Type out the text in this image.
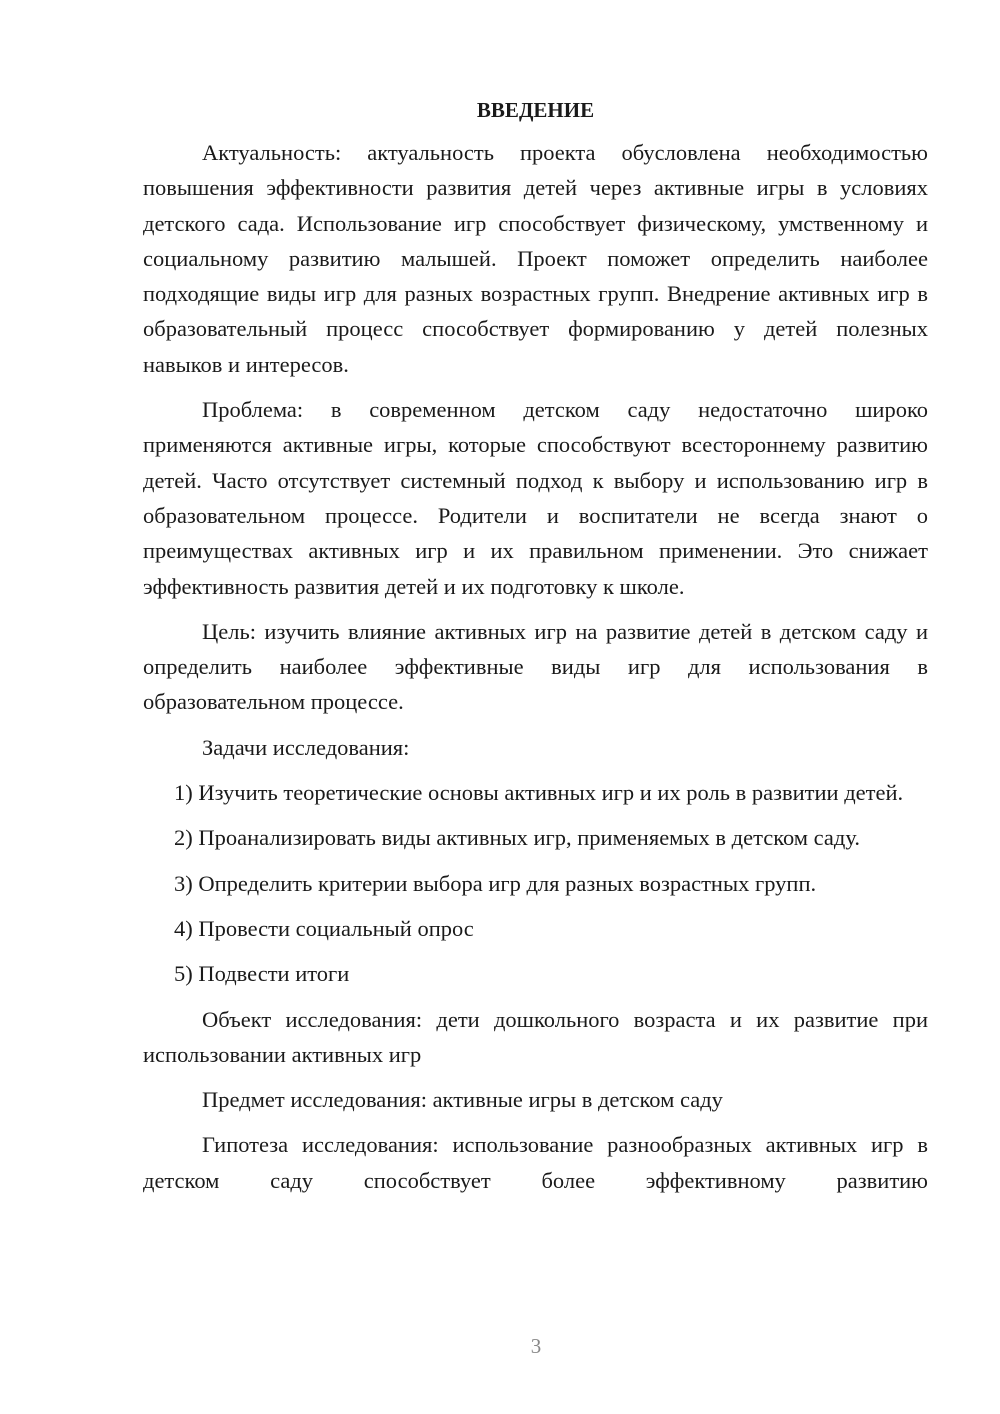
ВВЕДЕНИЕ

Актуальность: актуальность проекта обусловлена необходимостью повышения эффективности развития детей через активные игры в условиях детского сада. Использование игр способствует физическому, умственному и социальному развитию малышей. Проект поможет определить наиболее подходящие виды игр для разных возрастных групп. Внедрение активных игр в образовательный процесс способствует формированию у детей полезных навыков и интересов.

Проблема: в современном детском саду недостаточно широко применяются активные игры, которые способствуют всестороннему развитию детей. Часто отсутствует системный подход к выбору и использованию игр в образовательном процессе. Родители и воспитатели не всегда знают о преимуществах активных игр и их правильном применении. Это снижает эффективность развития детей и их подготовку к школе.

Цель: изучить влияние активных игр на развитие детей в детском саду и определить наиболее эффективные виды игр для использования в образовательном процессе.

Задачи исследования:

1) Изучить теоретические основы активных игр и их роль в развитии детей.

2) Проанализировать виды активных игр, применяемых в детском саду.

3) Определить критерии выбора игр для разных возрастных групп.

4) Провести социальный опрос

5) Подвести итоги

Объект исследования: дети дошкольного возраста и их развитие при использовании активных игр

Предмет исследования: активные игры в детском саду

Гипотеза исследования: использование разнообразных активных игр в детском саду способствует более эффективному развитию

3
